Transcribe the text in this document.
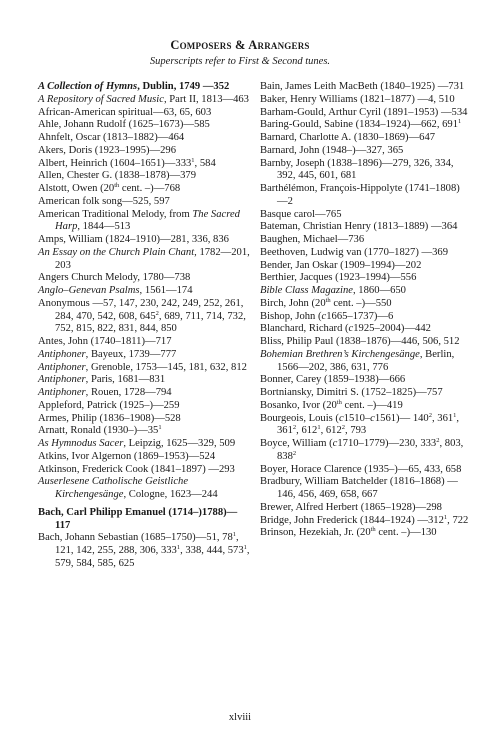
Composers & Arrangers
Superscripts refer to First & Second tunes.
A Collection of Hymns, Dublin, 1749 —352
A Repository of Sacred Music, Part II, 1813—463
African-American spiritual—63, 65, 603
Ahle, Johann Rudolf (1625–1673)—585
Ahnfelt, Oscar (1813–1882)—464
Akers, Doris (1923–1995)—296
Albert, Heinrich $(1604-1651)—333^1$, 584
Allen, Chester G. (1838–1878)—379
Alstott, Owen (20th cent. –)—768
American folk song—525, 597
American Traditional Melody, from The Sacred Harp, 1844—513
Amps, William (1824–1910)—281, 336, 836
An Essay on the Church Plain Chant, 1782—201, 203
Angers Church Melody, 1780—738
Anglo–Genevan Psalms, 1561—174
Anonymous —57, 147, 230, 242, 249, 252, 261, 284, 470, 542, 608, $645^2$, 689, 711, 714, 732, 752, 815, 822, 831, 844, 850
Antes, John (1740–1811)—717
Antiphoner, Bayeux, 1739—777
Antiphoner, Grenoble, 1753—145, 181, 632, 812
Antiphoner, Paris, 1681—831
Antiphoner, Rouen, 1728—794
Appleford, Patrick (1925–)—259
Armes, Philip (1836–1908)—528
Arnatt, Ronald $(1930-)—35^1$
As Hymnodus Sacer, Leipzig, 1625—329, 509
Atkins, Ivor Algernon (1869–1953)—524
Atkinson, Frederick Cook (1841–1897) —293
Auserlesene Catholische Geistliche Kirchengesänge, Cologne, 1623—244
Bach, Carl Philipp Emanuel (1714–)1788)—117
Bach, Johann Sebastian (1685–1750)—51, $78^1$, 121, 142, 255, 288, 306, $333^1$, 338, 444, $573^1$, 579, 584, 585, 625
Bain, James Leith MacBeth (1840–1925) —731
Baker, Henry Williams (1821–1877) —4, 510
Barham-Gould, Arthur Cyril (1891–1953) —534
Baring-Gould, Sabine (1834–1924)—662, $691^1$
Barnard, Charlotte A. (1830–1869)—647
Barnard, John (1948–)—327, 365
Barnby, Joseph (1838–1896)—279, 326, 334, 392, 445, 601, 681
Barthélémon, François-Hippolyte (1741–1808)—2
Basque carol—765
Bateman, Christian Henry (1813–1889) —364
Baughen, Michael—736
Beethoven, Ludwig van (1770–1827) —369
Bender, Jan Oskar (1909–1994)—202
Berthier, Jacques (1923–1994)—556
Bible Class Magazine, 1860—650
Birch, John (20th cent. –)—550
Bishop, John (c1665–1737)—6
Blanchard, Richard (c1925–2004)—442
Bliss, Philip Paul (1838–1876)—446, 506, 512
Bohemian Brethren’s Kirchengesänge, Berlin, 1566—202, 386, 631, 776
Bonner, Carey (1859–1938)—666
Bortniansky, Dimitri S. (1752–1825)—757
Bosanko, Ivor (20th cent. –)—419
Bourgeois, Louis (c1510–c1561)— $140^2$, $361^1$, $361^2$, $612^1$, $612^2$, 793
Boyce, William (c1710–1779)—230, $333^2$, 803, $838^2$
Boyer, Horace Clarence (1935–)—65, 433, 658
Bradbury, William Batchelder (1816–1868) —146, 456, 469, 658, 667
Brewer, Alfred Herbert (1865–1928)—298
Bridge, John Frederick (1844–1924) $—312^1$, 722
Brinson, Hezekiah, Jr. (20th cent. –)—130
xlviii
